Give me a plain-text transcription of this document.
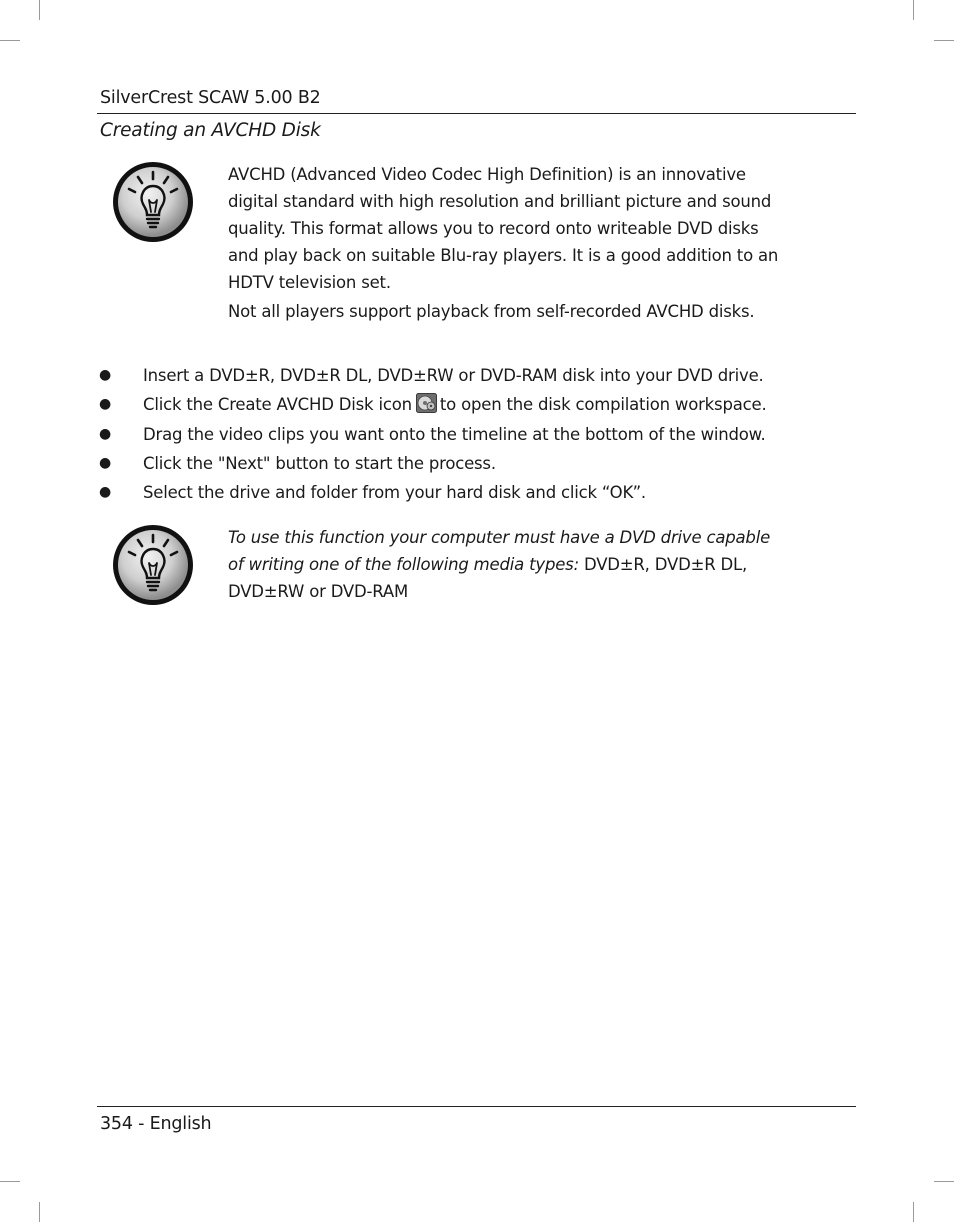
SilverCrest SCAW 5.00 B2
Creating an AVCHD Disk

AVCHD (Advanced Video Codec High Definition) is an innovative digital standard with high resolution and brilliant picture and sound quality. This format allows you to record onto writeable DVD disks and play back on suitable Blu-ray players. It is a good addition to an HDTV television set.

Not all players support playback from self-recorded AVCHD disks.

● Insert a DVD±R, DVD±R DL, DVD±RW or DVD-RAM disk into your DVD drive.
● Click the Create AVCHD Disk icon to open the disk compilation workspace.
● Drag the video clips you want onto the timeline at the bottom of the window.
● Click the "Next" button to start the process.
● Select the drive and folder from your hard disk and click “OK”.

To use this function your computer must have a DVD drive capable of writing one of the following media types: DVD±R, DVD±R DL, DVD±RW or DVD-RAM

354 - English
